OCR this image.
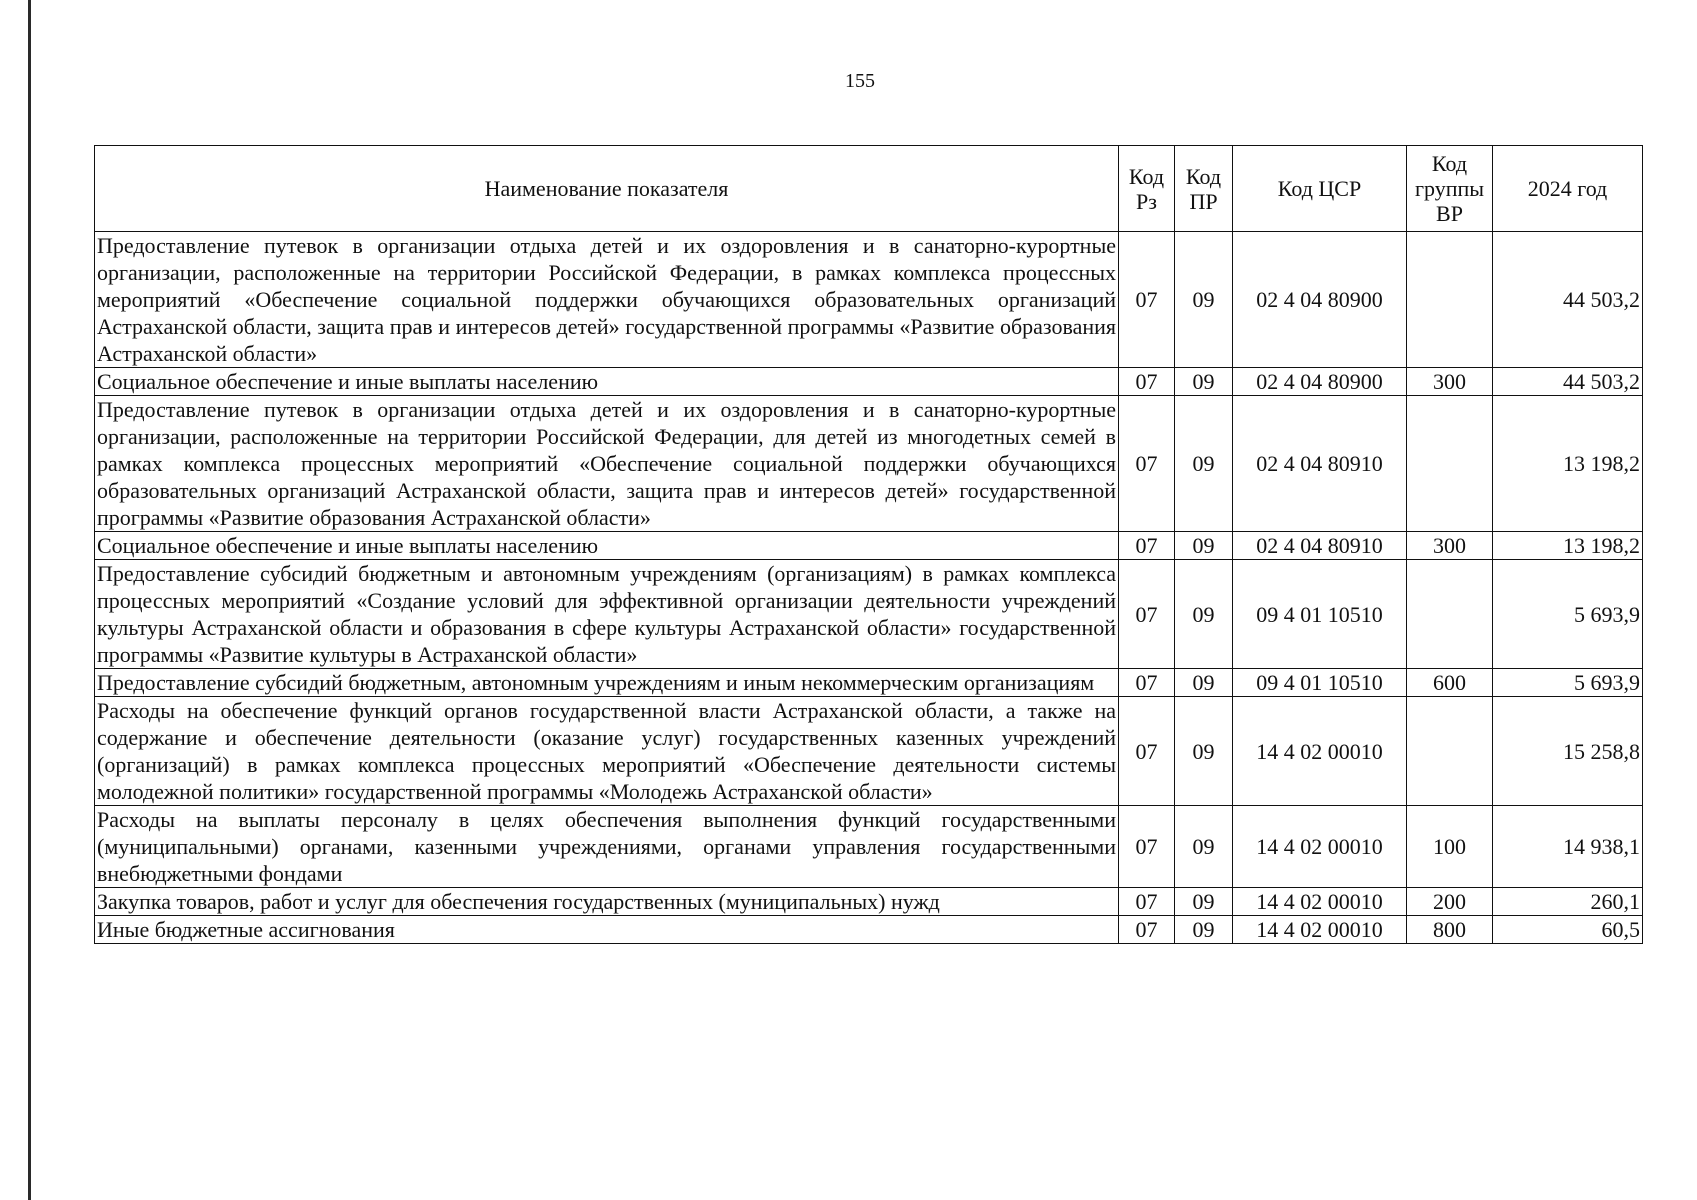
155
Наименование показателя	Код Рз	Код ПР	Код ЦСР	Код группы ВР	2024 год
Предоставление путевок в организации отдыха детей и их оздоровления и в санаторно-курортные организации, расположенные на территории Российской Федерации, в рамках комплекса процессных мероприятий «Обеспечение социальной поддержки обучающихся образовательных организаций Астраханской области, защита прав и интересов детей» государственной программы «Развитие образования Астраханской области»	07	09	02 4 04 80900		44 503,2
Социальное обеспечение и иные выплаты населению	07	09	02 4 04 80900	300	44 503,2
Предоставление путевок в организации отдыха детей и их оздоровления и в санаторно-курортные организации, расположенные на территории Российской Федерации, для детей из многодетных семей в рамках комплекса процессных мероприятий «Обеспечение социальной поддержки обучающихся образовательных организаций Астраханской области, защита прав и интересов детей» государственной программы «Развитие образования Астраханской области»	07	09	02 4 04 80910		13 198,2
Социальное обеспечение и иные выплаты населению	07	09	02 4 04 80910	300	13 198,2
Предоставление субсидий бюджетным и автономным учреждениям (организациям) в рамках комплекса процессных мероприятий «Создание условий для эффективной организации деятельности учреждений культуры Астраханской области и образования в сфере культуры Астраханской области» государственной программы «Развитие культуры в Астраханской области»	07	09	09 4 01 10510		5 693,9
Предоставление субсидий бюджетным, автономным учреждениям и иным некоммерческим организациям	07	09	09 4 01 10510	600	5 693,9
Расходы на обеспечение функций органов государственной власти Астраханской области, а также на содержание и обеспечение деятельности (оказание услуг) государственных казенных учреждений (организаций) в рамках комплекса процессных мероприятий «Обеспечение деятельности системы молодежной политики» государственной программы «Молодежь Астраханской области»	07	09	14 4 02 00010		15 258,8
Расходы на выплаты персоналу в целях обеспечения выполнения функций государственными (муниципальными) органами, казенными учреждениями, органами управления государственными внебюджетными фондами	07	09	14 4 02 00010	100	14 938,1
Закупка товаров, работ и услуг для обеспечения государственных (муниципальных) нужд	07	09	14 4 02 00010	200	260,1
Иные бюджетные ассигнования	07	09	14 4 02 00010	800	60,5
